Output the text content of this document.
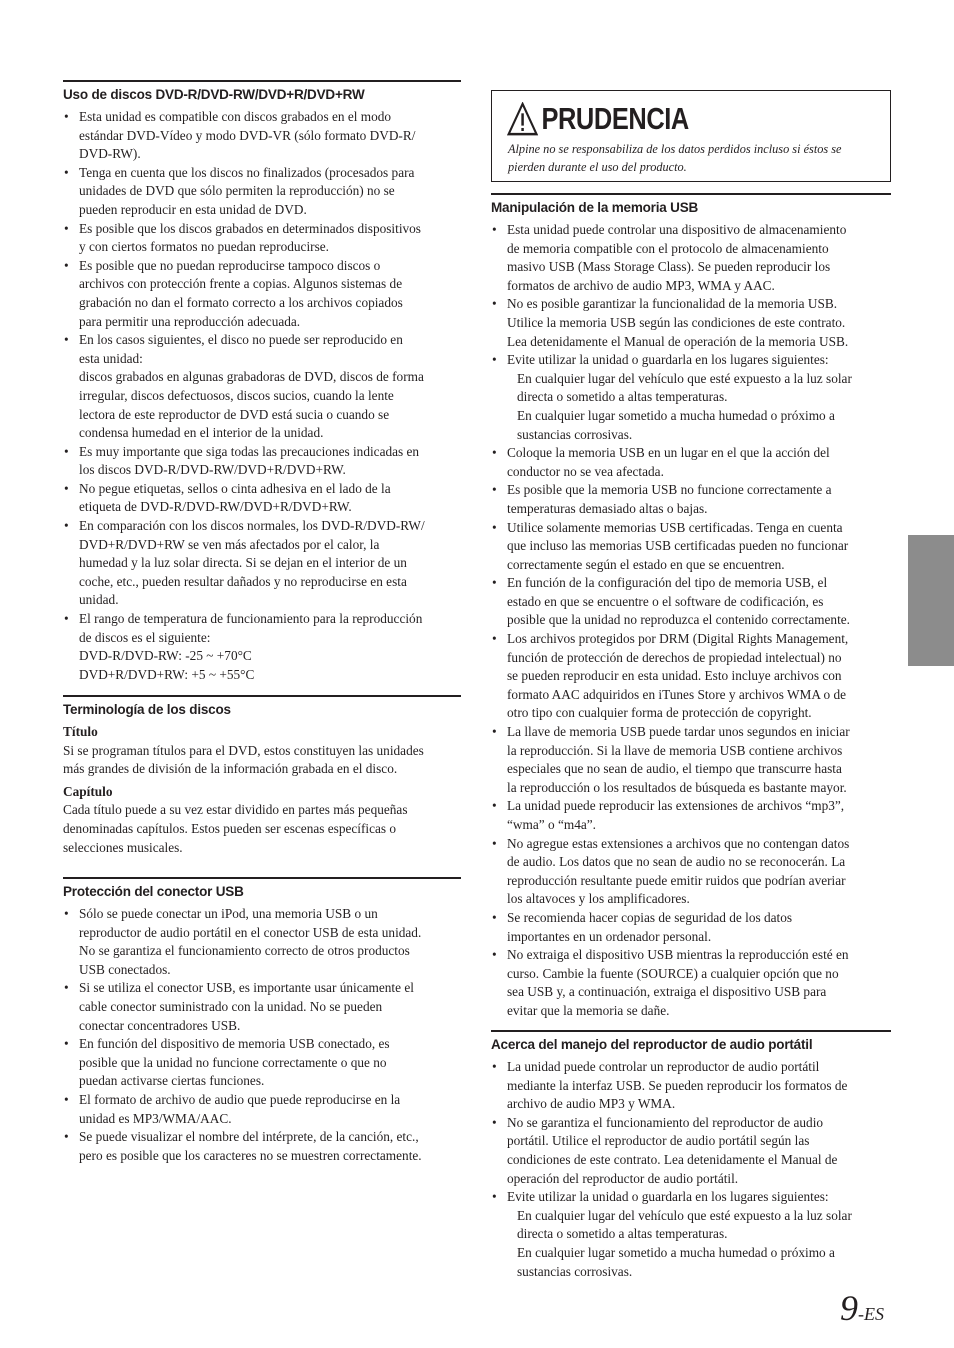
Uso de discos DVD-R/DVD-RW/DVD+R/DVD+RW
• Esta unidad es compatible con discos grabados en el modo
estándar DVD-Vídeo y modo DVD-VR (sólo formato DVD-R/
DVD-RW).
• Tenga en cuenta que los discos no finalizados (procesados para
unidades de DVD que sólo permiten la reproducción) no se
pueden reproducir en esta unidad de DVD.
• Es posible que los discos grabados en determinados dispositivos
y con ciertos formatos no puedan reproducirse.
• Es posible que no puedan reproducirse tampoco discos o
archivos con protección frente a copias. Algunos sistemas de
grabación no dan el formato correcto a los archivos copiados
para permitir una reproducción adecuada.
• En los casos siguientes, el disco no puede ser reproducido en
esta unidad:
discos grabados en algunas grabadoras de DVD, discos de forma
irregular, discos defectuosos, discos sucios, cuando la lente
lectora de este reproductor de DVD está sucia o cuando se
condensa humedad en el interior de la unidad.
• Es muy importante que siga todas las precauciones indicadas en
los discos DVD-R/DVD-RW/DVD+R/DVD+RW.
• No pegue etiquetas, sellos o cinta adhesiva en el lado de la
etiqueta de DVD-R/DVD-RW/DVD+R/DVD+RW.
• En comparación con los discos normales, los DVD-R/DVD-RW/
DVD+R/DVD+RW se ven más afectados por el calor, la
humedad y la luz solar directa. Si se dejan en el interior de un
coche, etc., pueden resultar dañados y no reproducirse en esta
unidad.
• El rango de temperatura de funcionamiento para la reproducción
de discos es el siguiente:
DVD-R/DVD-RW: -25 ~ +70°C
DVD+R/DVD+RW: +5 ~ +55°C
Terminología de los discos
Título
Si se programan títulos para el DVD, estos constituyen las unidades
más grandes de división de la información grabada en el disco.
Capítulo
Cada título puede a su vez estar dividido en partes más pequeñas
denominadas capítulos. Estos pueden ser escenas específicas o
selecciones musicales.
Protección del conector USB
• Sólo se puede conectar un iPod, una memoria USB o un
reproductor de audio portátil en el conector USB de esta unidad.
No se garantiza el funcionamiento correcto de otros productos
USB conectados.
• Si se utiliza el conector USB, es importante usar únicamente el
cable conector suministrado con la unidad. No se pueden
conectar concentradores USB.
• En función del dispositivo de memoria USB conectado, es
posible que la unidad no funcione correctamente o que no
puedan activarse ciertas funciones.
• El formato de archivo de audio que puede reproducirse en la
unidad es MP3/WMA/AAC.
• Se puede visualizar el nombre del intérprete, de la canción, etc.,
pero es posible que los caracteres no se muestren correctamente.
PRUDENCIA
Alpine no se responsabiliza de los datos perdidos incluso si éstos se
pierden durante el uso del producto.
Manipulación de la memoria USB
• Esta unidad puede controlar una dispositivo de almacenamiento
de memoria compatible con el protocolo de almacenamiento
masivo USB (Mass Storage Class). Se pueden reproducir los
formatos de archivo de audio MP3, WMA y AAC.
• No es posible garantizar la funcionalidad de la memoria USB.
Utilice la memoria USB según las condiciones de este contrato.
Lea detenidamente el Manual de operación de la memoria USB.
• Evite utilizar la unidad o guardarla en los lugares siguientes:
En cualquier lugar del vehículo que esté expuesto a la luz solar
directa o sometido a altas temperaturas.
En cualquier lugar sometido a mucha humedad o próximo a
sustancias corrosivas.
• Coloque la memoria USB en un lugar en el que la acción del
conductor no se vea afectada.
• Es posible que la memoria USB no funcione correctamente a
temperaturas demasiado altas o bajas.
• Utilice solamente memorias USB certificadas. Tenga en cuenta
que incluso las memorias USB certificadas pueden no funcionar
correctamente según el estado en que se encuentren.
• En función de la configuración del tipo de memoria USB, el
estado en que se encuentre o el software de codificación, es
posible que la unidad no reproduzca el contenido correctamente.
• Los archivos protegidos por DRM (Digital Rights Management,
función de protección de derechos de propiedad intelectual) no
se pueden reproducir en esta unidad. Esto incluye archivos con
formato AAC adquiridos en iTunes Store y archivos WMA o de
otro tipo con cualquier forma de protección de copyright.
• La llave de memoria USB puede tardar unos segundos en iniciar
la reproducción. Si la llave de memoria USB contiene archivos
especiales que no sean de audio, el tiempo que transcurre hasta
la reproducción o los resultados de búsqueda es bastante mayor.
• La unidad puede reproducir las extensiones de archivos “mp3”,
“wma” o “m4a”.
• No agregue estas extensiones a archivos que no contengan datos
de audio. Los datos que no sean de audio no se reconocerán. La
reproducción resultante puede emitir ruidos que podrían averiar
los altavoces y los amplificadores.
• Se recomienda hacer copias de seguridad de los datos
importantes en un ordenador personal.
• No extraiga el dispositivo USB mientras la reproducción esté en
curso. Cambie la fuente (SOURCE) a cualquier opción que no
sea USB y, a continuación, extraiga el dispositivo USB para
evitar que la memoria se dañe.
Acerca del manejo del reproductor de audio portátil
• La unidad puede controlar un reproductor de audio portátil
mediante la interfaz USB. Se pueden reproducir los formatos de
archivo de audio MP3 y WMA.
• No se garantiza el funcionamiento del reproductor de audio
portátil. Utilice el reproductor de audio portátil según las
condiciones de este contrato. Lea detenidamente el Manual de
operación del reproductor de audio portátil.
• Evite utilizar la unidad o guardarla en los lugares siguientes:
En cualquier lugar del vehículo que esté expuesto a la luz solar
directa o sometido a altas temperaturas.
En cualquier lugar sometido a mucha humedad o próximo a
sustancias corrosivas.
9-ES
